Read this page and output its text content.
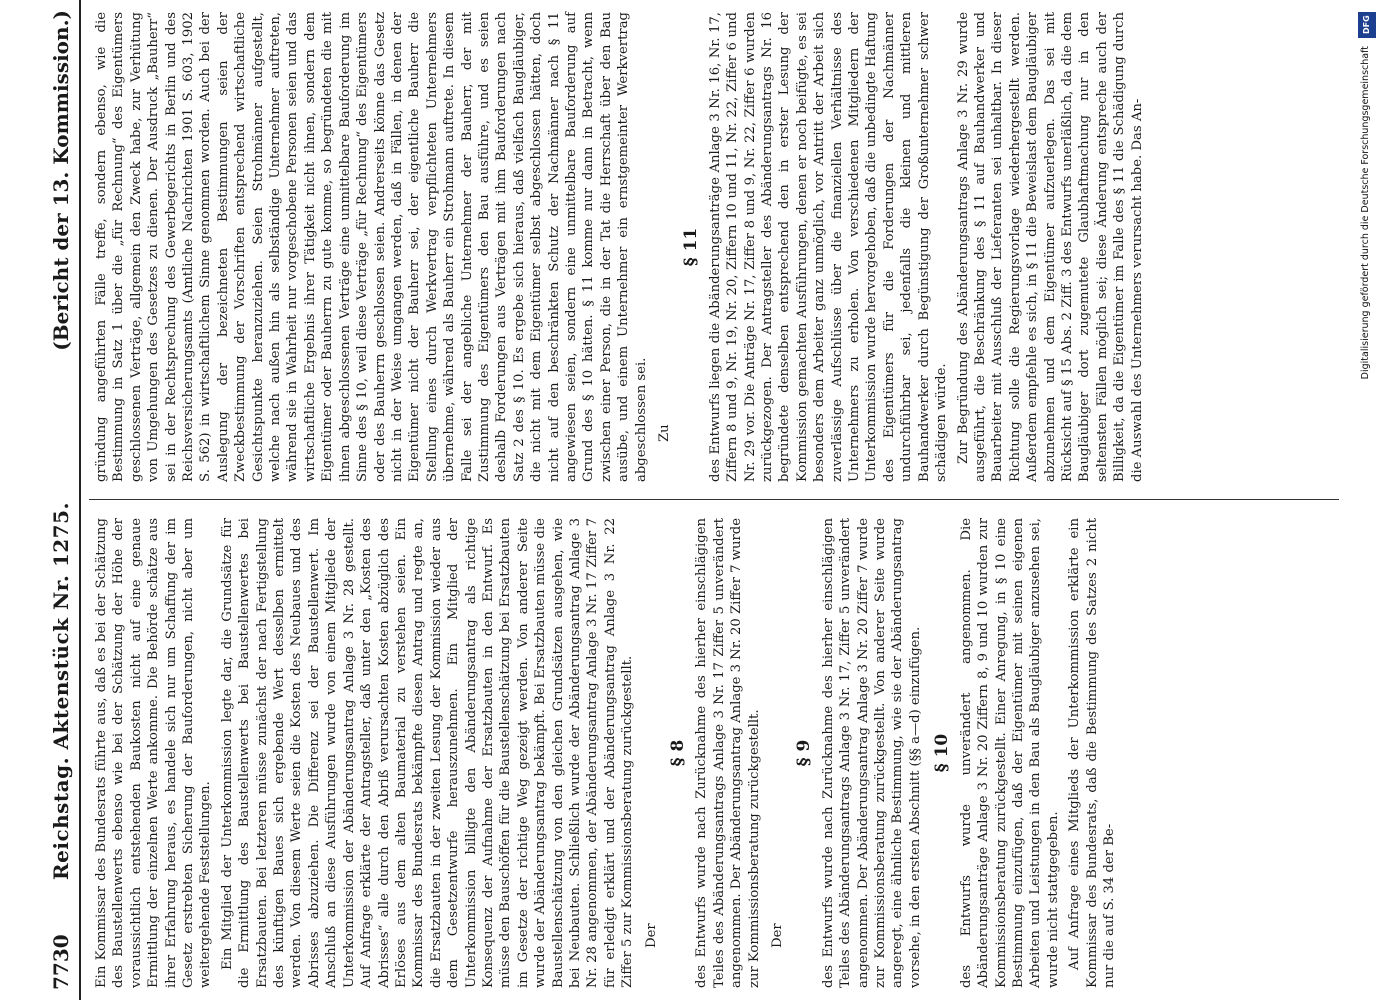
7730
Reichstag. Aktenstück Nr. 1275.
(Bericht der 13. Kommission.)

Ein Kommissar des Bundesrats führte aus, daß es bei der Schätzung des Baustellenwerts ebenso wie bei der Schätzung der Höhe der voraussichtlich entstehenden Baukosten nicht auf eine genaue Ermittlung der einzelnen Werte ankomme. Die Behörde schätze aus ihrer Erfahrung heraus, es handele sich nur um Schaffung der im Gesetz erstrebten Sicherung der Bauforderungen, nicht aber um weitergehende Feststellungen. Ein Mitglied der Unterkommission legte dar, die Grundsätze für die Ermittlung des Baustellenwerts bei Baustellenwertes bei Ersatzbauten. Bei letzteren müsse zunächst der nach Fertigstellung des künftigen Baues sich ergebende Wert desselben ermittelt werden. Von diesem Werte seien die Kosten des Neubaues und des Abrisses abzuziehen. Die Differenz sei der Baustellenwert. Im Anschluß an diese Ausführungen wurde von einem Mitgliede der Unterkommission der Abänderungsantrag Anlage 3 Nr. 28 gestellt. Auf Anfrage erklärte der Antragsteller, daß unter den „Kosten des Abrisses“ alle durch den Abriß verursachten Kosten abzüglich des Erlöses aus dem alten Baumaterial zu verstehen seien. Ein Kommissar des Bundesrats bekämpfte diesen Antrag und regte an, die Ersatzbauten in der zweiten Lesung der Kommission wieder aus dem Gesetzentwurfe herauszunehmen. Ein Mitglied der Unterkommission billigte den Abänderungsantrag als richtige Konsequenz der Aufnahme der Ersatzbauten in den Entwurf. Es müsse den Bauschöffen für die Baustellenschätzung bei Ersatzbauten im Gesetze der richtige Weg gezeigt werden. Von anderer Seite wurde der Abänderungsantrag bekämpft. Bei Ersatzbauten müsse die Baustellenschätzung von den gleichen Grundsätzen ausgehen, wie bei Neubauten. Schließlich wurde der Abänderungsantrag Anlage 3 Nr. 28 angenommen, der Abänderungsantrag Anlage 3 Nr. 17 Ziffer 7 für erledigt erklärt und der Abänderungsantrag Anlage 3 Nr. 22 Ziffer 5 zur Kommissionsberatung zurückgestellt. Der

§ 8 des Entwurfs wurde nach Zurücknahme des hierher einschlägigen Teiles des Abänderungsantrags Anlage 3 Nr. 17 Ziffer 5 unverändert angenommen. Der Abänderungsantrag Anlage 3 Nr. 20 Ziffer 7 wurde zur Kommissionsberatung zurückgestellt. Der

§ 9 des Entwurfs wurde nach Zurücknahme des hierher einschlägigen Teiles des Abänderungsantrags Anlage 3 Nr. 17, Ziffer 5 unverändert angenommen. Der Abänderungsantrag Anlage 3 Nr. 20 Ziffer 7 wurde zur Kommissionsberatung zurückgestellt. Von anderer Seite wurde angeregt, eine ähnliche Bestimmung, wie sie der Abänderungsantrag vorsehe, in den ersten Abschnitt (§§ a—d) einzufügen. § 10 des Entwurfs wurde unverändert angenommen. Die Abänderungsanträge Anlage 3 Nr. 20 Ziffern 8, 9 und 10 wurden zur Kommissionsberatung zurückgestellt. Einer Anregung, in § 10 eine Bestimmung einzufügen, daß der Eigentümer mit seinen eigenen Arbeiten und Leistungen in den Bau als Baugläubiger anzusehen sei, wurde nicht stattgegeben. Auf Anfrage eines Mitglieds der Unterkommission erklärte ein Kommissar des Bundesrats, daß die Bestimmung des Satzes 2 nicht nur die auf S. 34 der Be-

gründung angeführten Fälle treffe, sondern ebenso, wie die Bestimmung in Satz 1 über die „für Rechnung“ des Eigentümers geschlossenen Verträge, allgemein den Zweck habe, zur Verhütung von Umgehungen des Gesetzes zu dienen. Der Ausdruck „Bauherr“ sei in der Rechtsprechung des Gewerbegerichts in Berlin und des Reichsversicherungsamts (Amtliche Nachrichten 1901 S. 603, 1902 S. 562) in wirtschaftlichem Sinne genommen worden. Auch bei der Auslegung der bezeichneten Bestimmungen seien der Zweckbestimmung der Vorschriften entsprechend wirtschaftliche Gesichtspunkte heranzuziehen. Seien Strohmänner aufgestellt, welche nach außen hin als selbständige Unternehmer auftreten, während sie in Wahrheit nur vorgeschobene Personen seien und das wirtschaftliche Ergebnis ihrer Tätigkeit nicht ihnen, sondern dem Eigentümer oder Bauherrn zu gute komme, so begründeten die mit ihnen abgeschlossenen Verträge eine unmittelbare Bauforderung im Sinne des § 10, weil diese Verträge „für Rechnung“ des Eigentümers oder des Bauherrn geschlossen seien. Andrerseits könne das Gesetz nicht in der Weise umgangen werden, daß in Fällen, in denen der Eigentümer nicht der Bauherr sei, der eigentliche Bauherr die Stellung eines durch Werkvertrag verpflichteten Unternehmers übernehme, während als Bauherr ein Strohmann auftrete. In diesem Falle sei der angebliche Unternehmer der Bauherr, der mit Zustimmung des Eigentümers den Bau ausführe, und es seien deshalb Forderungen aus Verträgen mit ihm Bauforderungen nach Satz 2 des § 10. Es ergebe sich hieraus, daß vielfach Baugläubiger, die nicht mit dem Eigentümer selbst abgeschlossen hätten, doch nicht auf den beschränkten Schutz der Nachmänner nach § 11 angewiesen seien, sondern eine unmittelbare Bauforderung auf Grund des § 10 hätten. § 11 komme nur dann in Betracht, wenn zwischen einer Person, die in der Tat die Herrschaft über den Bau ausübe, und einem Unternehmer ein ernstgemeinter Werkvertrag abgeschlossen sei. Zu

§ 11 des Entwurfs liegen die Abänderungsanträge Anlage 3 Nr. 16, Nr. 17, Ziffern 8 und 9, Nr. 19, Nr. 20, Ziffern 10 und 11, Nr. 22, Ziffer 6 und Nr. 29 vor. Die Anträge Nr. 17, Ziffer 8 und 9, Nr. 22, Ziffer 6 wurden zurückgezogen. Der Antragsteller des Abänderungsantrags Nr. 16 begründete denselben entsprechend den in erster Lesung der Kommission gemachten Ausführungen, denen er noch beifügte, es sei besonders dem Arbeiter ganz unmöglich, vor Antritt der Arbeit sich zuverlässige Aufschlüsse über die finanziellen Verhältnisse des Unternehmers zu erholen. Von verschiedenen Mitgliedern der Unterkommission wurde hervorgehoben, daß die unbedingte Haftung des Eigentümers für die Forderungen der Nachmänner undurchführbar sei, jedenfalls die kleinen und mittleren Bauhandwerker durch Begünstigung der Großunternehmer schwer schädigen würde. Zur Begründung des Abänderungsantrags Anlage 3 Nr. 29 wurde ausgeführt, die Beschränkung des § 11 auf Bauhandwerker und Bauarbeiter mit Ausschluß der Lieferanten sei unhaltbar. In dieser Richtung solle die Regierungsvorlage wiederhergestellt werden. Außerdem empfehle es sich, in § 11 die Beweislast dem Baugläubiger abzunehmen und dem Eigentümer aufzuerlegen. Das sei mit Rücksicht auf § 15 Abs. 2 Ziff. 3 des Entwurfs unerläßlich, da die dem Baugläubiger dort zugemutete Glaubhaftmachung nur in den seltensten Fällen möglich sei; diese Änderung entspreche auch der Billigkeit, da die Eigentümer im Falle des § 11 die Schädigung durch die Auswahl des Unternehmers verursacht habe. Das An-

DFG
Digitalisierung gefördert durch die Deutsche Forschungsgemeinschaft
